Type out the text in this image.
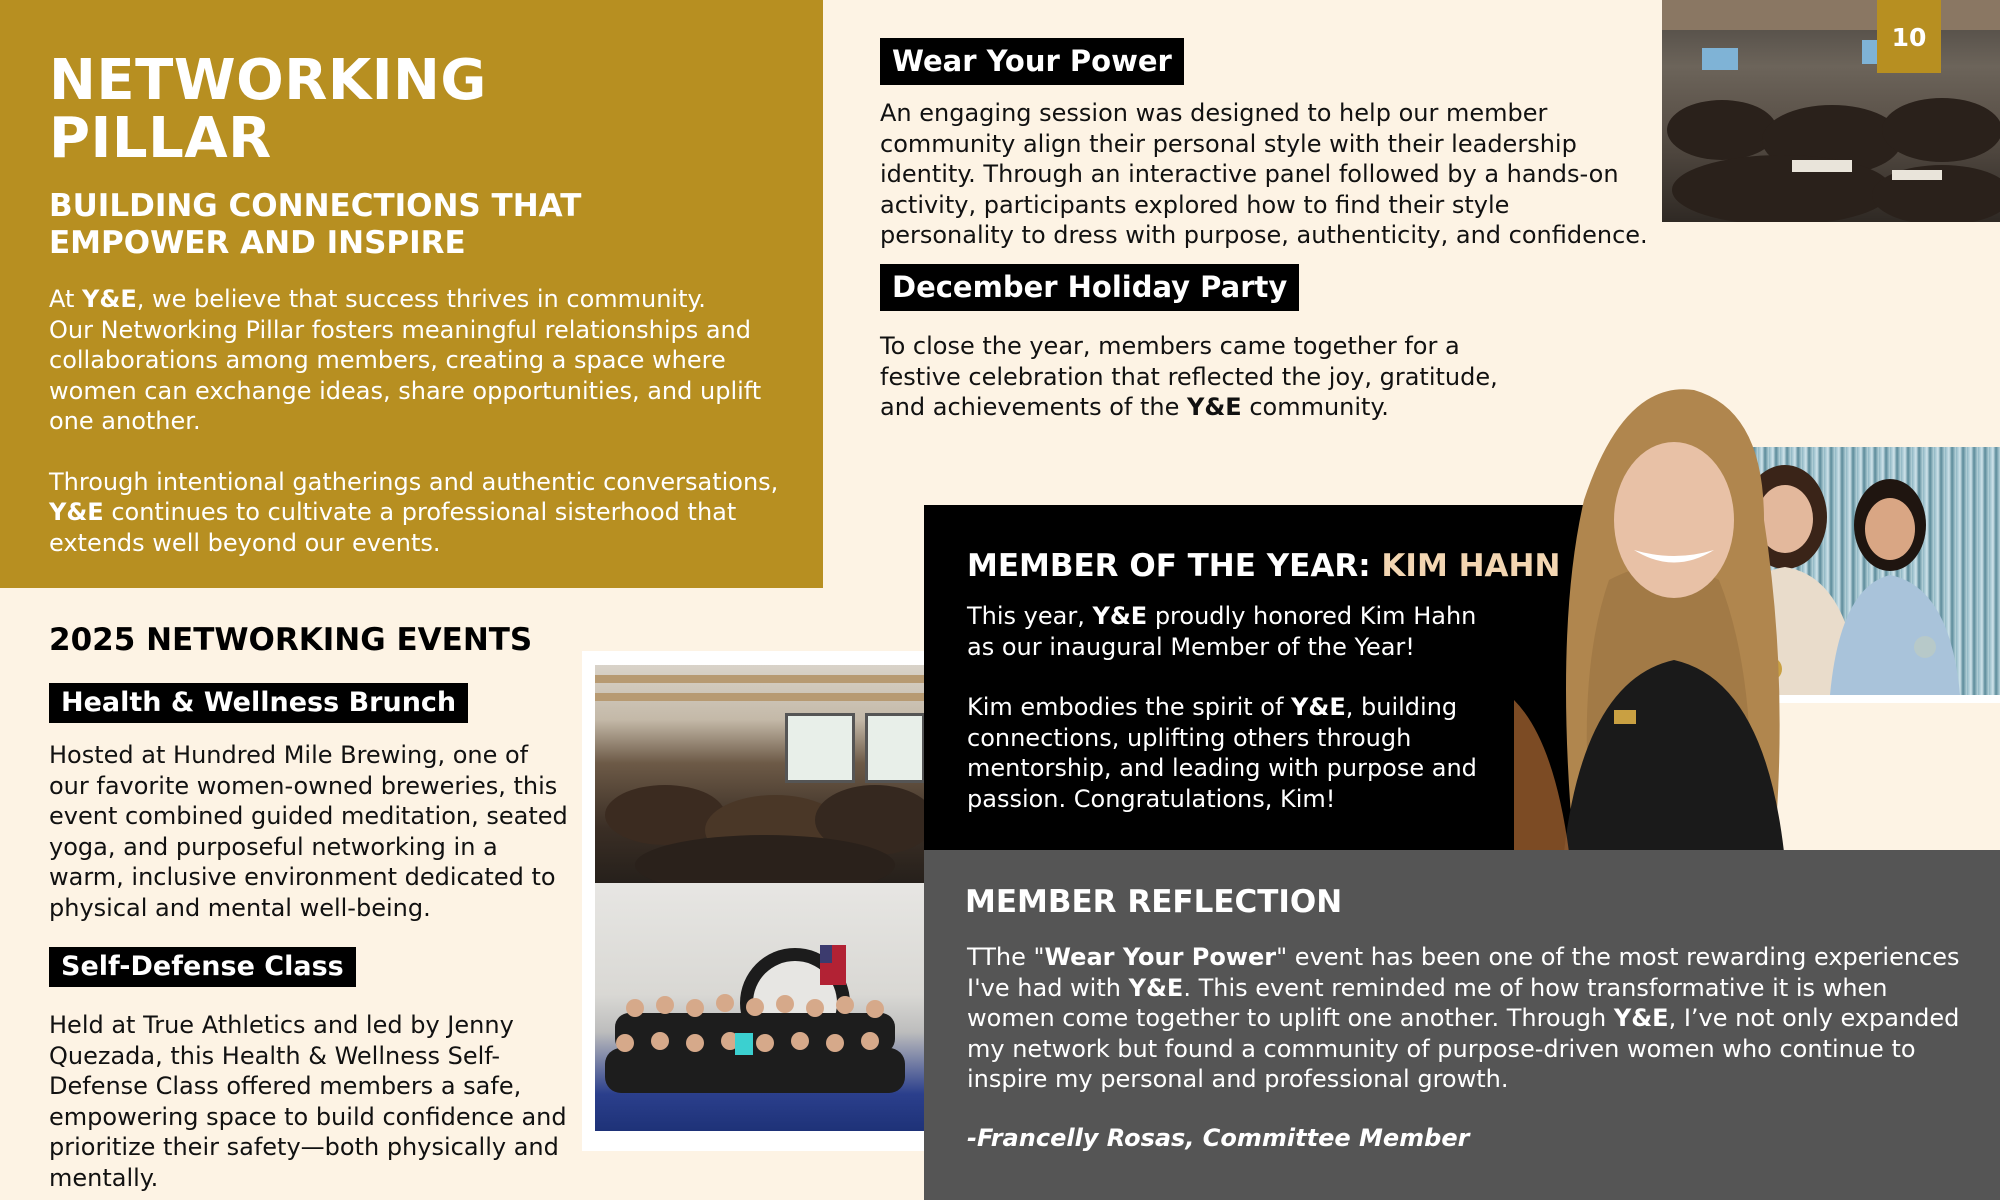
NETWORKING
PILLAR
BUILDING CONNECTIONS THAT
EMPOWER AND INSPIRE
At Y&E, we believe that success thrives in community.
Our Networking Pillar fosters meaningful relationships and collaborations among members, creating a space where women can exchange ideas, share opportunities, and uplift one another.
Through intentional gatherings and authentic conversations, Y&E continues to cultivate a professional sisterhood that extends well beyond our events.
2025 NETWORKING EVENTS
Health & Wellness Brunch
Hosted at Hundred Mile Brewing, one of our favorite women-owned breweries, this event combined guided meditation, seated yoga, and purposeful networking in a warm, inclusive environment dedicated to physical and mental well-being.
Self-Defense Class
Held at True Athletics and led by Jenny Quezada, this Health & Wellness Self-Defense Class offered members a safe, empowering space to build confidence and prioritize their safety—both physically and mentally.
Wear Your Power
An engaging session was designed to help our member community align their personal style with their leadership identity. Through an interactive panel followed by a hands-on activity, participants explored how to find their style personality to dress with purpose, authenticity, and confidence.
December Holiday Party
To close the year, members came together for a festive celebration that reflected the joy, gratitude, and achievements of the Y&E community.
10
MEMBER OF THE YEAR: KIM HAHN
This year, Y&E proudly honored Kim Hahn as our inaugural Member of the Year!
Kim embodies the spirit of Y&E, building connections, uplifting others through mentorship, and leading with purpose and passion. Congratulations, Kim!
MEMBER REFLECTION
TThe "Wear Your Power" event has been one of the most rewarding experiences I've had with Y&E. This event reminded me of how transformative it is when women come together to uplift one another. Through Y&E, I’ve not only expanded my network but found a community of purpose-driven women who continue to inspire my personal and professional growth.
-Francelly Rosas, Committee Member
